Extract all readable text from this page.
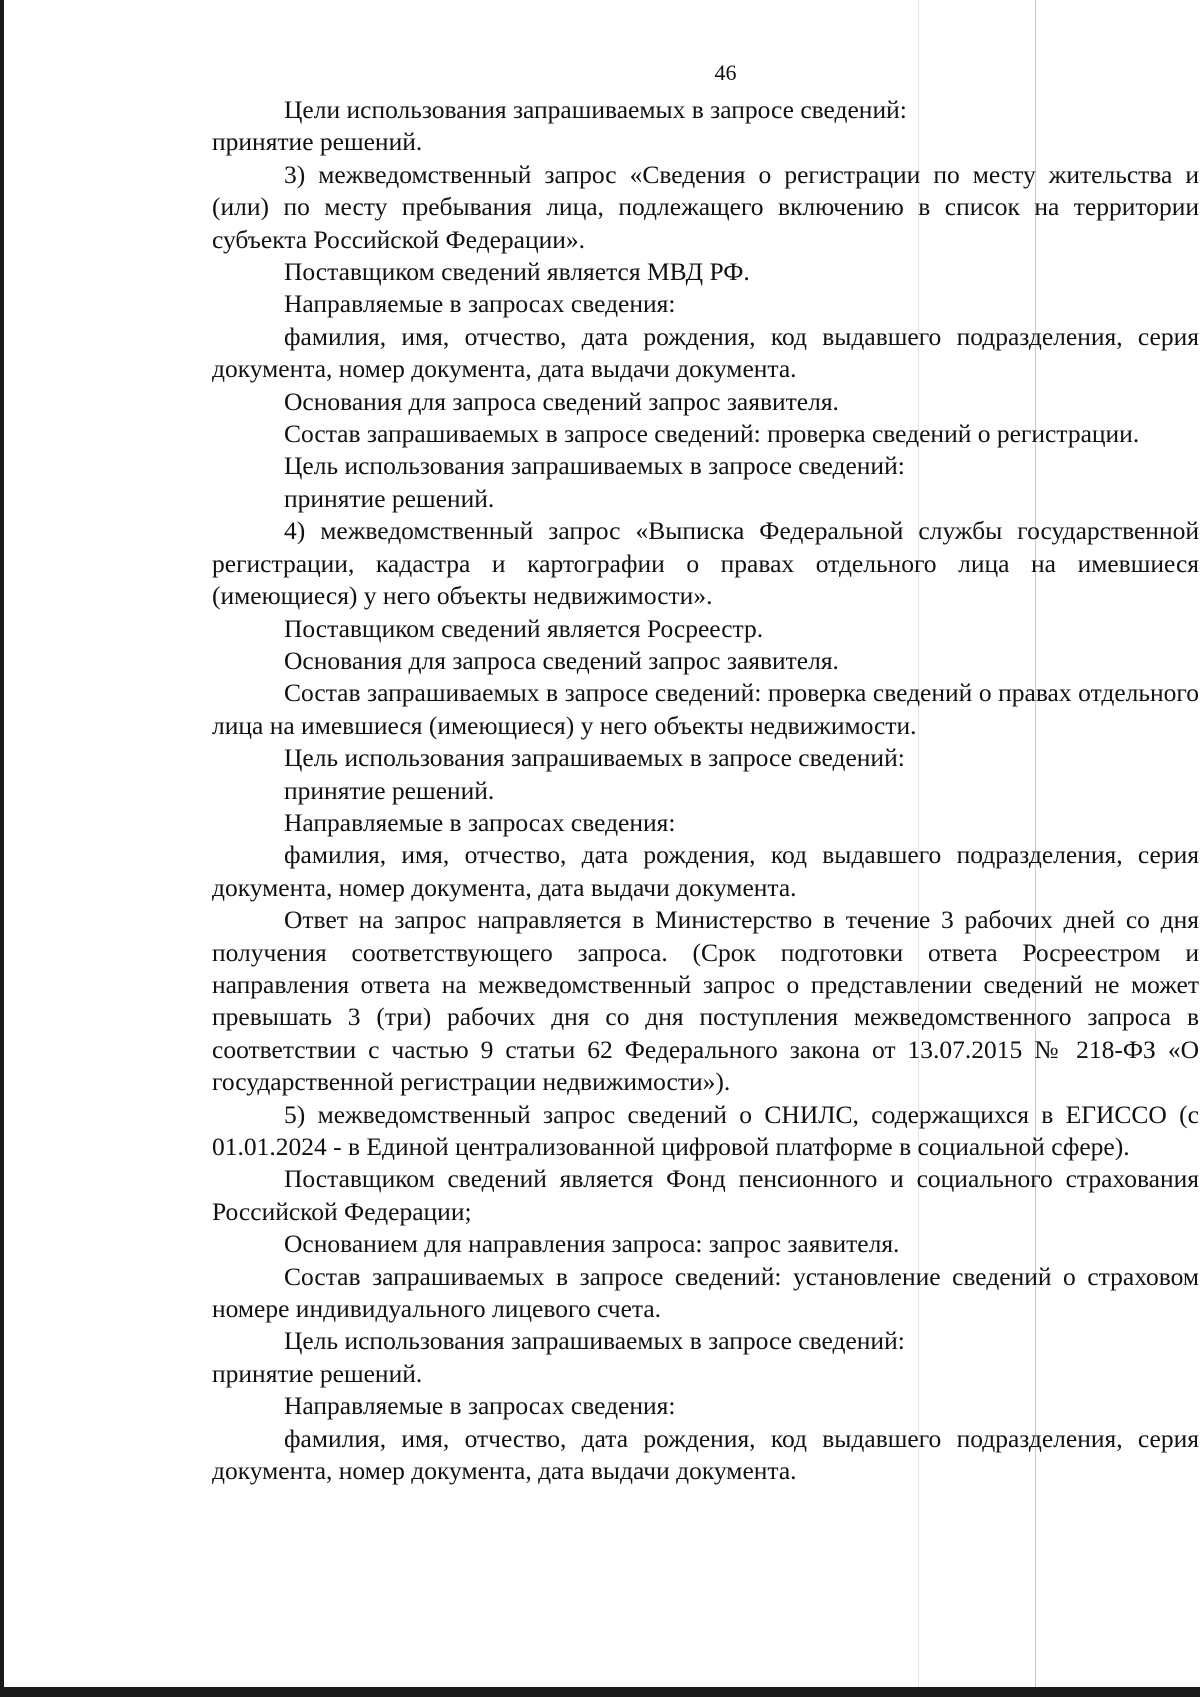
46

Цели использования запрашиваемых в запросе сведений:

принятие решений.

3) межведомственный запрос «Сведения о регистрации по месту жительства и (или) по месту пребывания лица, подлежащего включению в список на территории субъекта Российской Федерации».

Поставщиком сведений является МВД РФ.

Направляемые в запросах сведения:

фамилия, имя, отчество, дата рождения, код выдавшего подразделения, серия документа, номер документа, дата выдачи документа.

Основания для запроса сведений запрос заявителя.

Состав запрашиваемых в запросе сведений: проверка сведений о регистрации.

Цель использования запрашиваемых в запросе сведений:

принятие решений.

4) межведомственный запрос «Выписка Федеральной службы государственной регистрации, кадастра и картографии о правах отдельного лица на имевшиеся (имеющиеся) у него объекты недвижимости».

Поставщиком сведений является Росреестр.

Основания для запроса сведений запрос заявителя.

Состав запрашиваемых в запросе сведений: проверка сведений о правах отдельного лица на имевшиеся (имеющиеся) у него объекты недвижимости.

Цель использования запрашиваемых в запросе сведений:

принятие решений.

Направляемые в запросах сведения:

фамилия, имя, отчество, дата рождения, код выдавшего подразделения, серия документа, номер документа, дата выдачи документа.

Ответ на запрос направляется в Министерство в течение 3 рабочих дней со дня получения соответствующего запроса. (Срок подготовки ответа Росреестром и направления ответа на межведомственный запрос о представлении сведений не может превышать 3 (три) рабочих дня со дня поступления межведомственного запроса в соответствии с частью 9 статьи 62 Федерального закона от 13.07.2015 № 218-ФЗ «О государственной регистрации недвижимости»).

5) межведомственный запрос сведений о СНИЛС, содержащихся в ЕГИССО (с 01.01.2024 - в Единой централизованной цифровой платформе в социальной сфере).

Поставщиком сведений является Фонд пенсионного и социального страхования Российской Федерации;

Основанием для направления запроса: запрос заявителя.

Состав запрашиваемых в запросе сведений: установление сведений о страховом номере индивидуального лицевого счета.

Цель использования запрашиваемых в запросе сведений:

принятие решений.

Направляемые в запросах сведения:

фамилия, имя, отчество, дата рождения, код выдавшего подразделения, серия документа, номер документа, дата выдачи документа.
